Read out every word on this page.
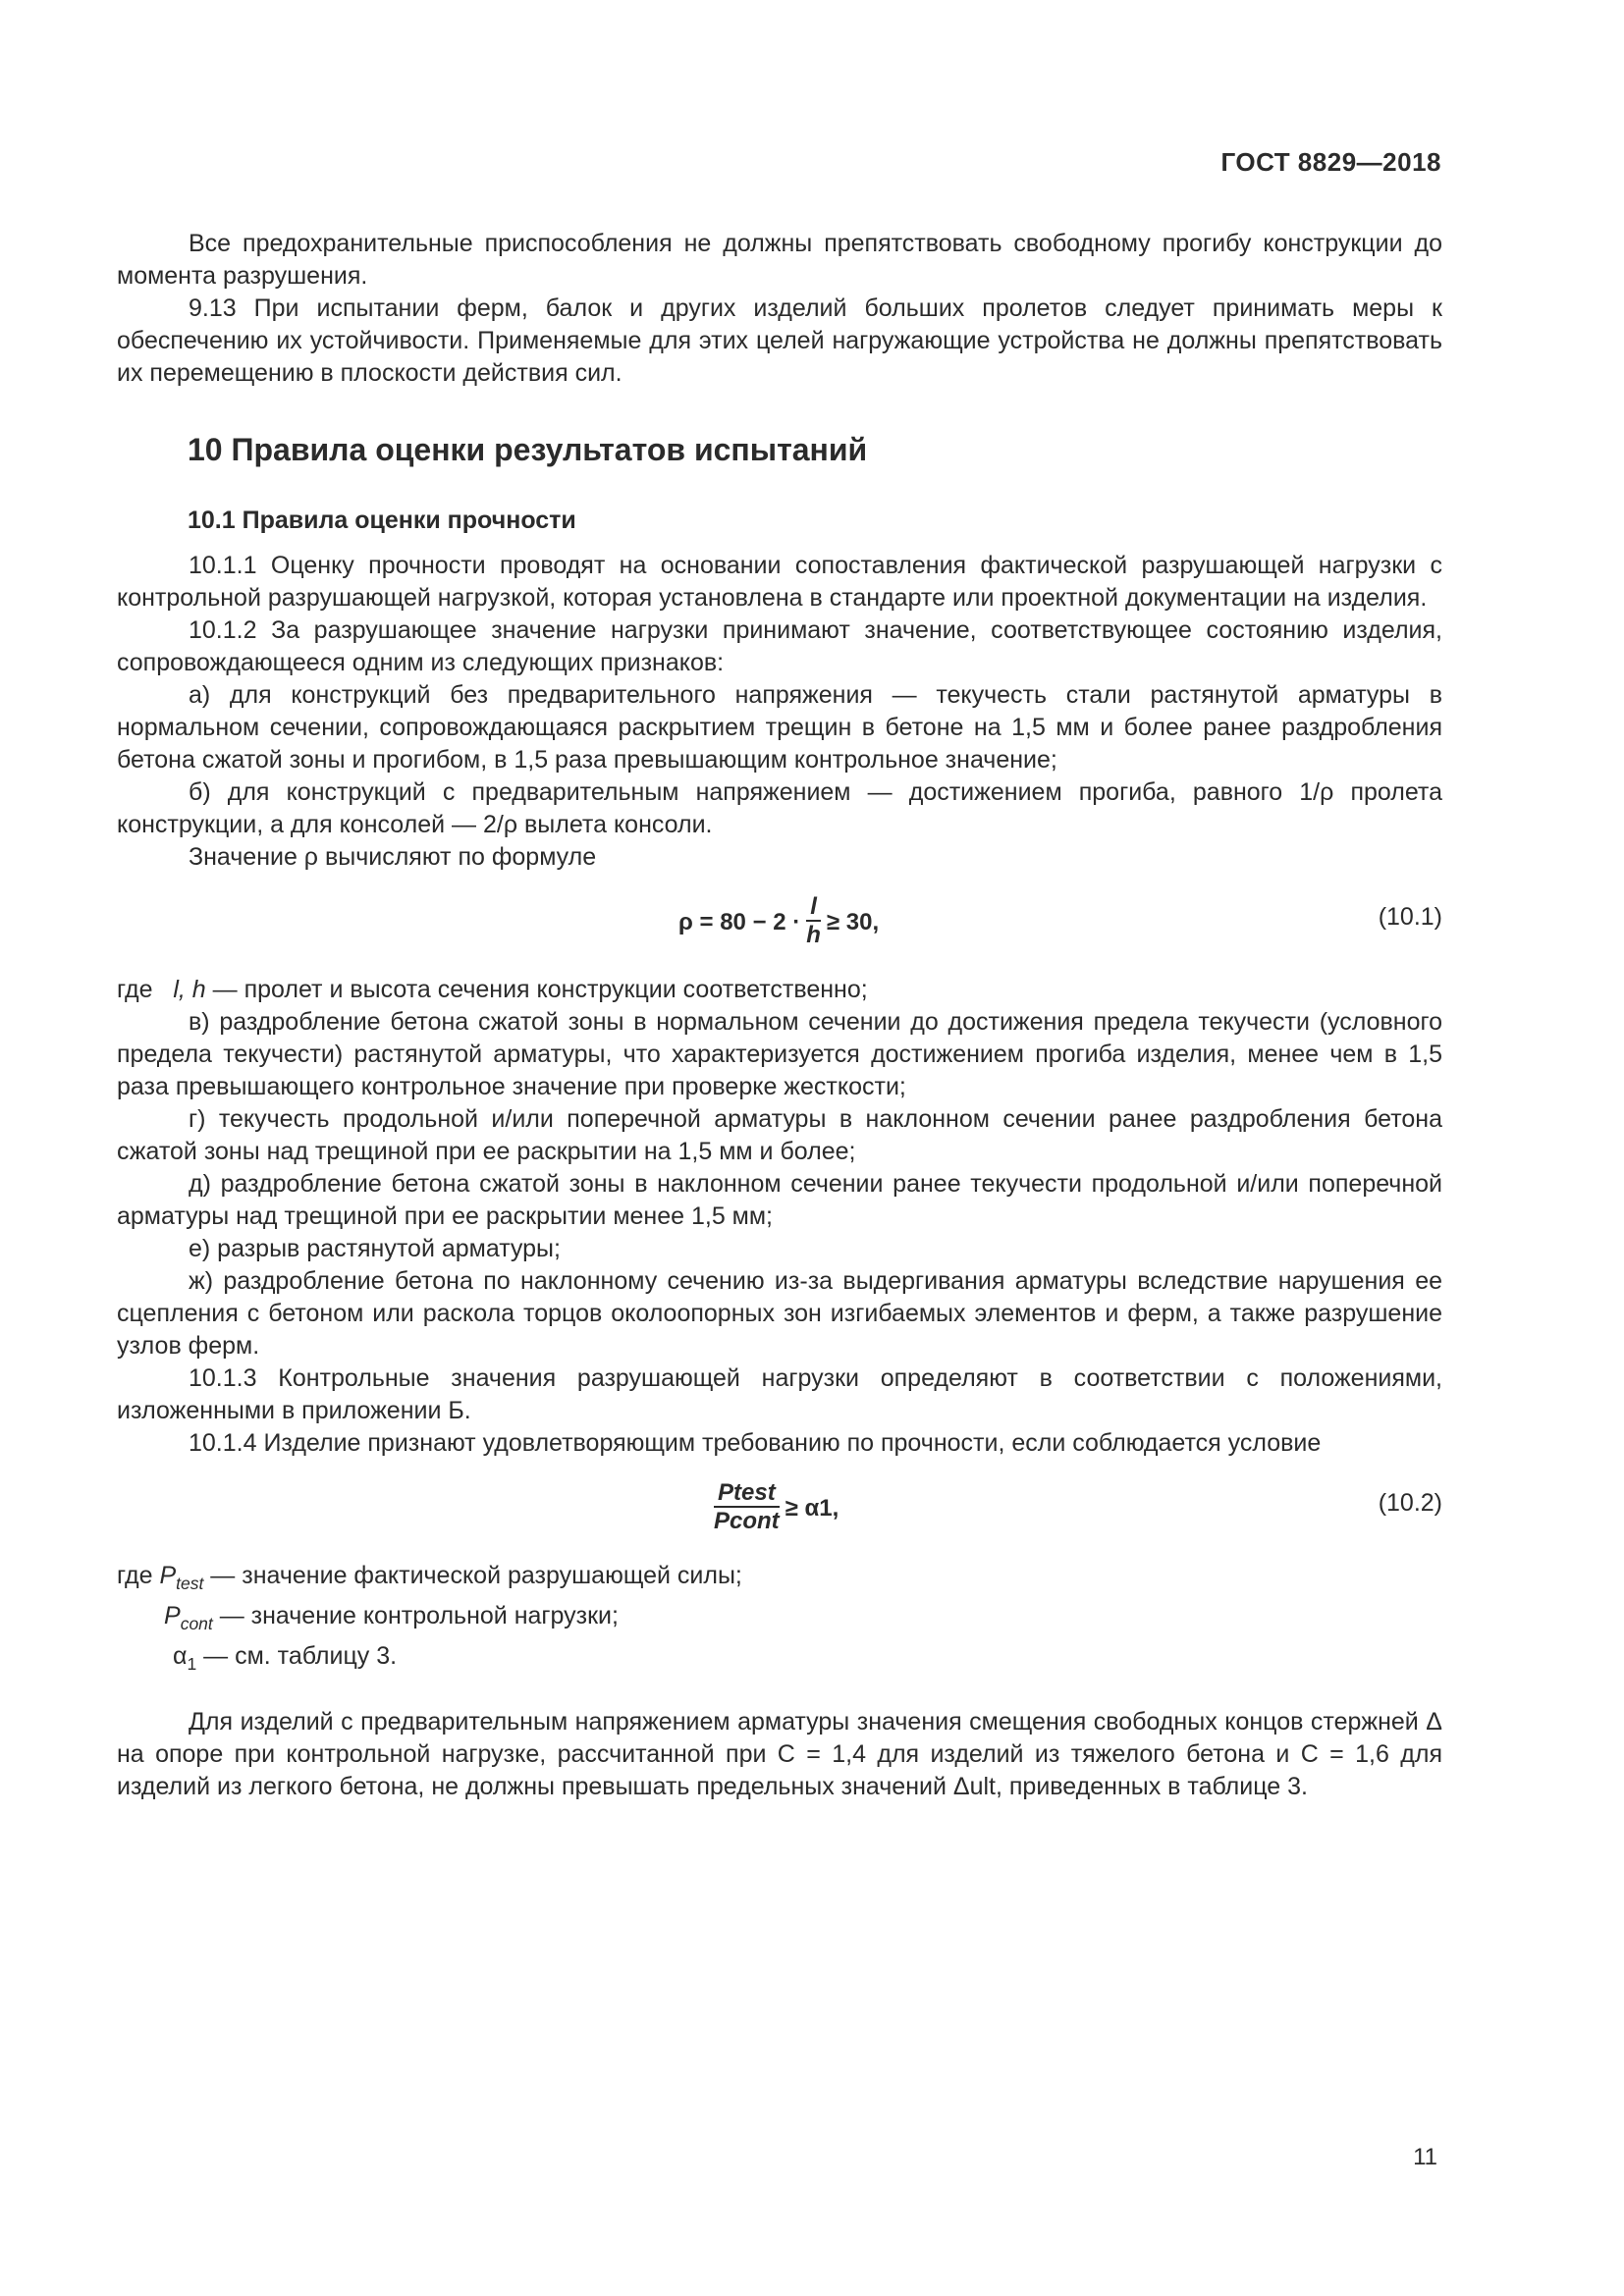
ГОСТ 8829—2018

Все предохранительные приспособления не должны препятствовать свободному прогибу конструкции до момента разрушения.

9.13 При испытании ферм, балок и других изделий больших пролетов следует принимать меры к обеспечению их устойчивости. Применяемые для этих целей нагружающие устройства не должны препятствовать их перемещению в плоскости действия сил.

10 Правила оценки результатов испытаний
10.1 Правила оценки прочности

10.1.1 Оценку прочности проводят на основании сопоставления фактической разрушающей нагрузки с контрольной разрушающей нагрузкой, которая установлена в стандарте или проектной документации на изделия.

10.1.2 За разрушающее значение нагрузки принимают значение, соответствующее состоянию изделия, сопровождающееся одним из следующих признаков:

а) для конструкций без предварительного напряжения — текучесть стали растянутой арматуры в нормальном сечении, сопровождающаяся раскрытием трещин в бетоне на 1,5 мм и более ранее раздробления бетона сжатой зоны и прогибом, в 1,5 раза превышающим контрольное значение;

б) для конструкций с предварительным напряжением — достижением прогиба, равного 1/ρ пролета конструкции, а для консолей — 2/ρ вылета консоли.

Значение ρ вычисляют по формуле

$\rho = 80 - 2 \cdot \frac{l}{h} \ge 30$,	(10.1)

где l, h — пролет и высота сечения конструкции соответственно;

в) раздробление бетона сжатой зоны в нормальном сечении до достижения предела текучести (условного предела текучести) растянутой арматуры, что характеризуется достижением прогиба изделия, менее чем в 1,5 раза превышающего контрольное значение при проверке жесткости;

г) текучесть продольной и/или поперечной арматуры в наклонном сечении ранее раздробления бетона сжатой зоны над трещиной при ее раскрытии на 1,5 мм и более;

д) раздробление бетона сжатой зоны в наклонном сечении ранее текучести продольной и/или поперечной арматуры над трещиной при ее раскрытии менее 1,5 мм;

е) разрыв растянутой арматуры;

ж) раздробление бетона по наклонному сечению из-за выдергивания арматуры вследствие нарушения ее сцепления с бетоном или раскола торцов околоопорных зон изгибаемых элементов и ферм, а также разрушение узлов ферм.

10.1.3 Контрольные значения разрушающей нагрузки определяют в соответствии с положениями, изложенными в приложении Б.

10.1.4 Изделие признают удовлетворяющим требованию по прочности, если соблюдается условие

$\frac{\text{Ptest}}{\text{Pcont}} \ge \alpha 1$,	(10.2)

где $P_{test}$ — значение фактической разрушающей силы;

$P_{cont}$ — значение контрольной нагрузки;

$\alpha_1$ — см. таблицу 3.

Для изделий с предварительным напряжением арматуры значения смещения свободных концов стержней Δ на опоре при контрольной нагрузке, рассчитанной при C = 1,4 для изделий из тяжелого бетона и C = 1,6 для изделий из легкого бетона, не должны превышать предельных значений Δult, приведенных в таблице 3.

11
